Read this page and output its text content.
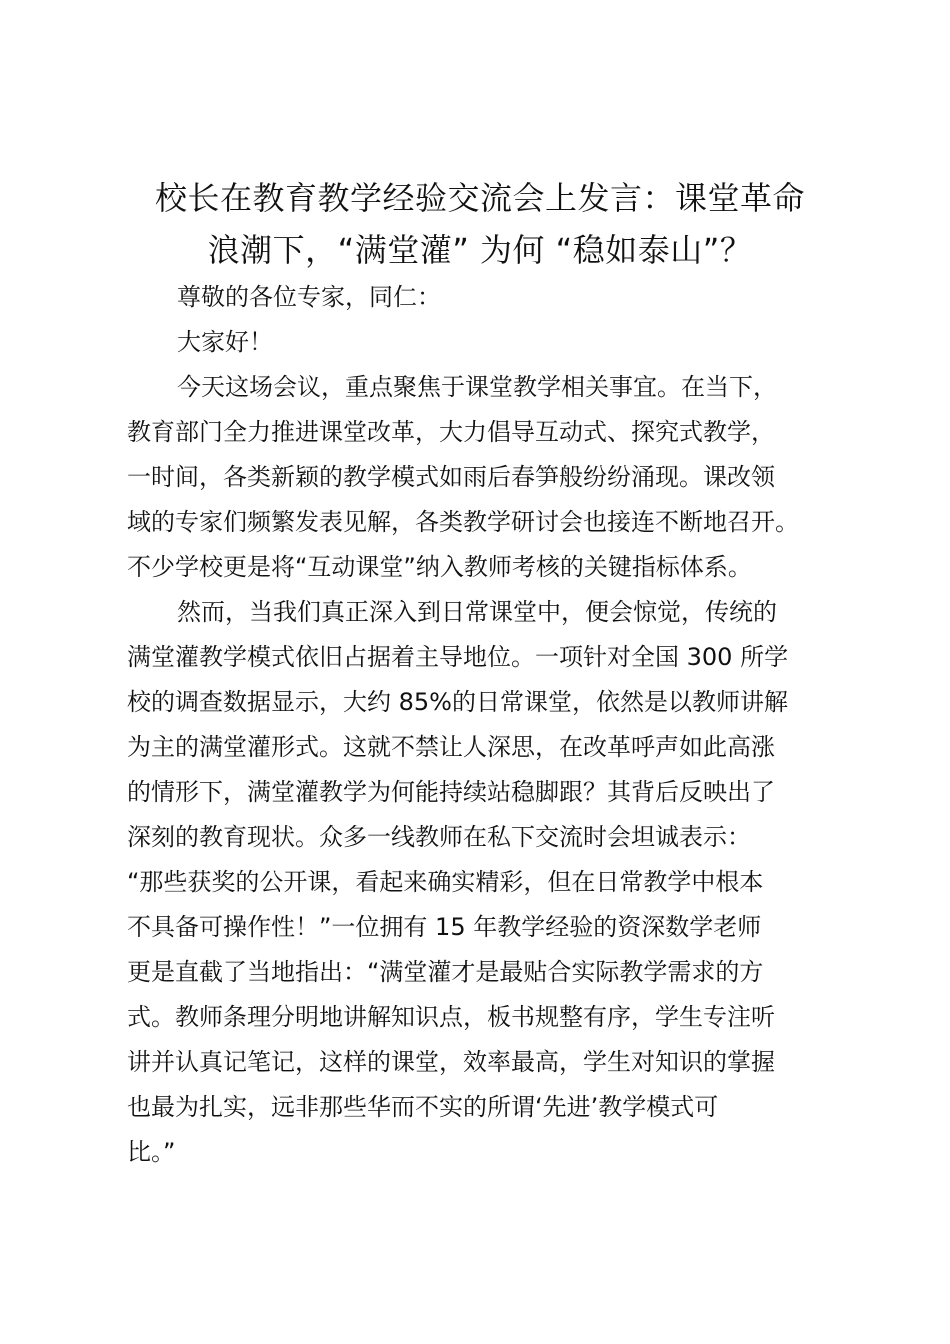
校长在教育教学经验交流会上发言：课堂革命
浪潮下，“满堂灌” 为何 “稳如泰山”？

尊敬的各位专家，同仁：

大家好！

今天这场会议，重点聚焦于课堂教学相关事宜。在当下，
教育部门全力推进课堂改革，大力倡导互动式、探究式教学，
一时间，各类新颖的教学模式如雨后春笋般纷纷涌现。课改领
域的专家们频繁发表见解，各类教学研讨会也接连不断地召开。
不少学校更是将“互动课堂”纳入教师考核的关键指标体系。
然而，当我们真正深入到日常课堂中，便会惊觉，传统的
满堂灌教学模式依旧占据着主导地位。一项针对全国 300 所学
校的调查数据显示，大约 85%的日常课堂，依然是以教师讲解
为主的满堂灌形式。这就不禁让人深思，在改革呼声如此高涨
的情形下，满堂灌教学为何能持续站稳脚跟？其背后反映出了
深刻的教育现状。众多一线教师在私下交流时会坦诚表示：
“那些获奖的公开课，看起来确实精彩，但在日常教学中根本
不具备可操作性！”一位拥有 15 年教学经验的资深数学老师
更是直截了当地指出：“满堂灌才是最贴合实际教学需求的方
式。教师条理分明地讲解知识点，板书规整有序，学生专注听
讲并认真记笔记，这样的课堂，效率最高，学生对知识的掌握
也最为扎实，远非那些华而不实的所谓‘先进’教学模式可
比。”
